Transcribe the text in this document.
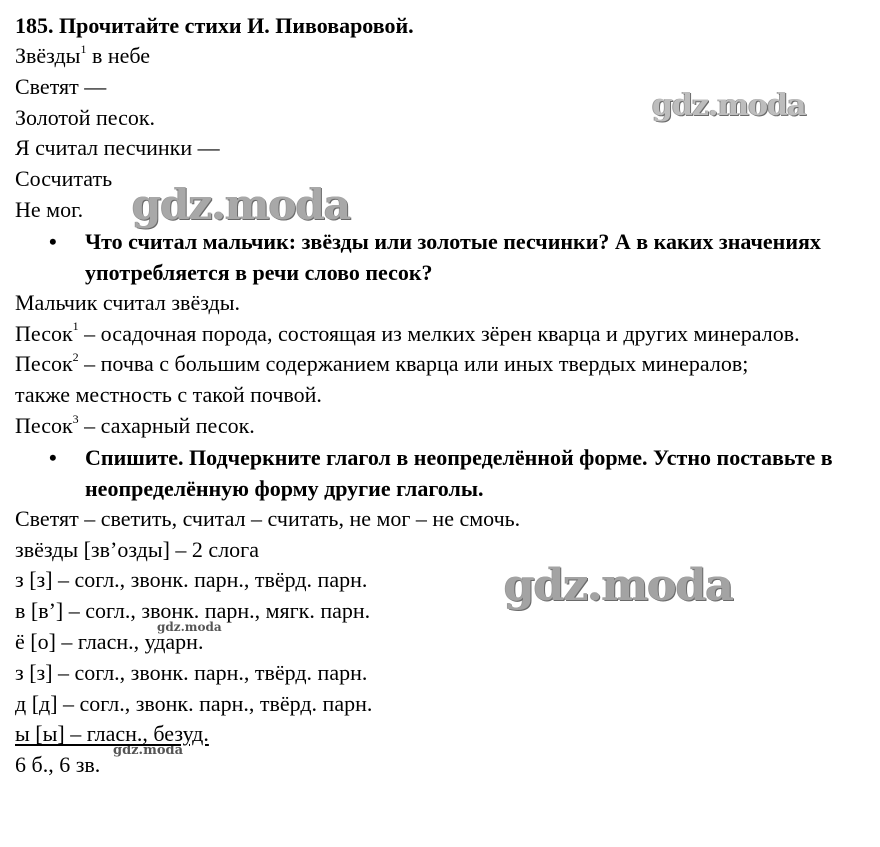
gdz.moda
gdz.moda
gdz.moda
gdz.moda
gdz.moda
185. Прочитайте стихи И. Пивоваровой.
Звёзды$^1$ в небе
Светят —
Золотой песок.
Я считал песчинки —
Сосчитать
Не мог.
• Что считал мальчик: звёзды или золотые песчинки? А в каких значениях употребляется в речи слово песок?
Мальчик считал звёзды.
Песок$^1$ – осадочная порода, состоящая из мелких зёрен кварца и других минералов.
Песок$^2$ – почва с большим содержанием кварца или иных твердых минералов; также местность с такой почвой.
Песок$^3$ – сахарный песок.
• Спишите. Подчеркните глагол в неопределённой форме. Устно поставьте в неопределённую форму другие глаголы.
Светят – светить, считал – считать, не мог – не смочь.
звёзды [зв’озды] – 2 слога
з [з] – согл., звонк. парн., твёрд. парн.
в [в’] – согл., звонк. парн., мягк. парн.
ё [о] – гласн., ударн.
з [з] – согл., звонк. парн., твёрд. парн.
д [д] – согл., звонк. парн., твёрд. парн.
ы [ы] – гласн., безуд.
6 б., 6 зв.
